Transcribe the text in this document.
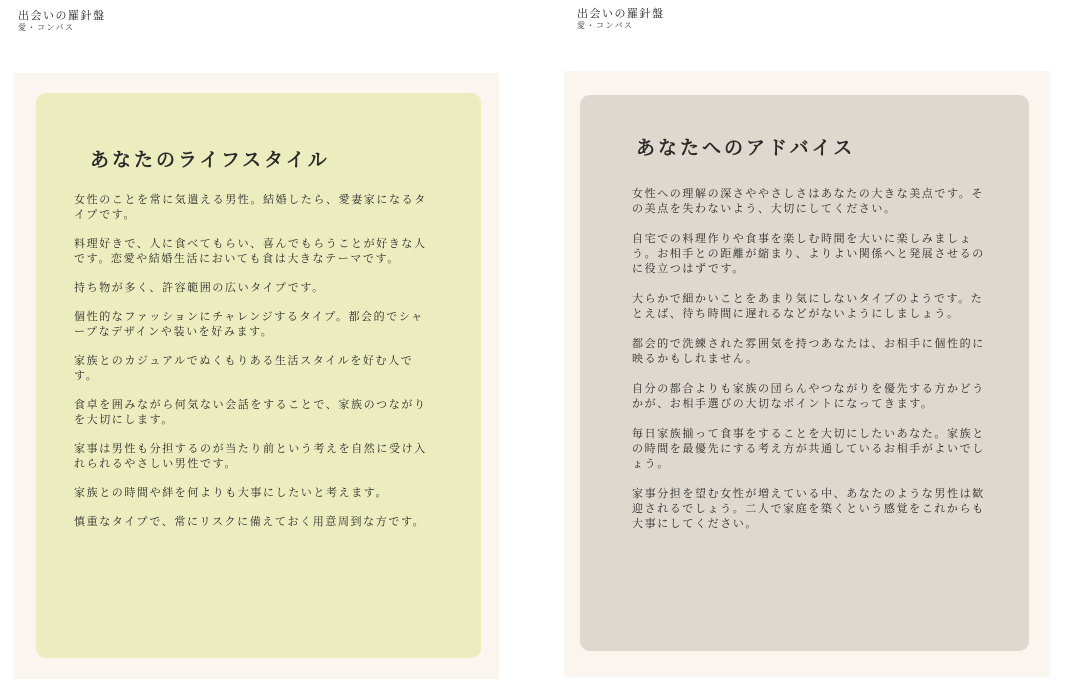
出会いの羅針盤
愛・コンパス
出会いの羅針盤
愛・コンパス
あなたのライフスタイル

女性のことを常に気遣える男性。結婚したら、愛妻家になるタイプです。

料理好きで、人に食べてもらい、喜んでもらうことが好きな人です。恋愛や結婚生活においても食は大きなテーマです。

持ち物が多く、許容範囲の広いタイプです。

個性的なファッションにチャレンジするタイプ。都会的でシャープなデザインや装いを好みます。

家族とのカジュアルでぬくもりある生活スタイルを好む人です。

食卓を囲みながら何気ない会話をすることで、家族のつながりを大切にします。

家事は男性も分担するのが当たり前という考えを自然に受け入れられるやさしい男性です。

家族との時間や絆を何よりも大事にしたいと考えます。

慎重なタイプで、常にリスクに備えておく用意周到な方です。

あなたへのアドバイス

女性への理解の深さややさしさはあなたの大きな美点です。その美点を失わないよう、大切にしてください。

自宅での料理作りや食事を楽しむ時間を大いに楽しみましょう。お相手との距離が縮まり、よりよい関係へと発展させるのに役立つはずです。

大らかで細かいことをあまり気にしないタイプのようです。たとえば、待ち時間に遅れるなどがないようにしましょう。

都会的で洗練された雰囲気を持つあなたは、お相手に個性的に映るかもしれません。

自分の都合よりも家族の団らんやつながりを優先する方かどうかが、お相手選びの大切なポイントになってきます。

毎日家族揃って食事をすることを大切にしたいあなた。家族との時間を最優先にする考え方が共通しているお相手がよいでしょう。

家事分担を望む女性が増えている中、あなたのような男性は歓迎されるでしょう。二人で家庭を築くという感覚をこれからも大事にしてください。
